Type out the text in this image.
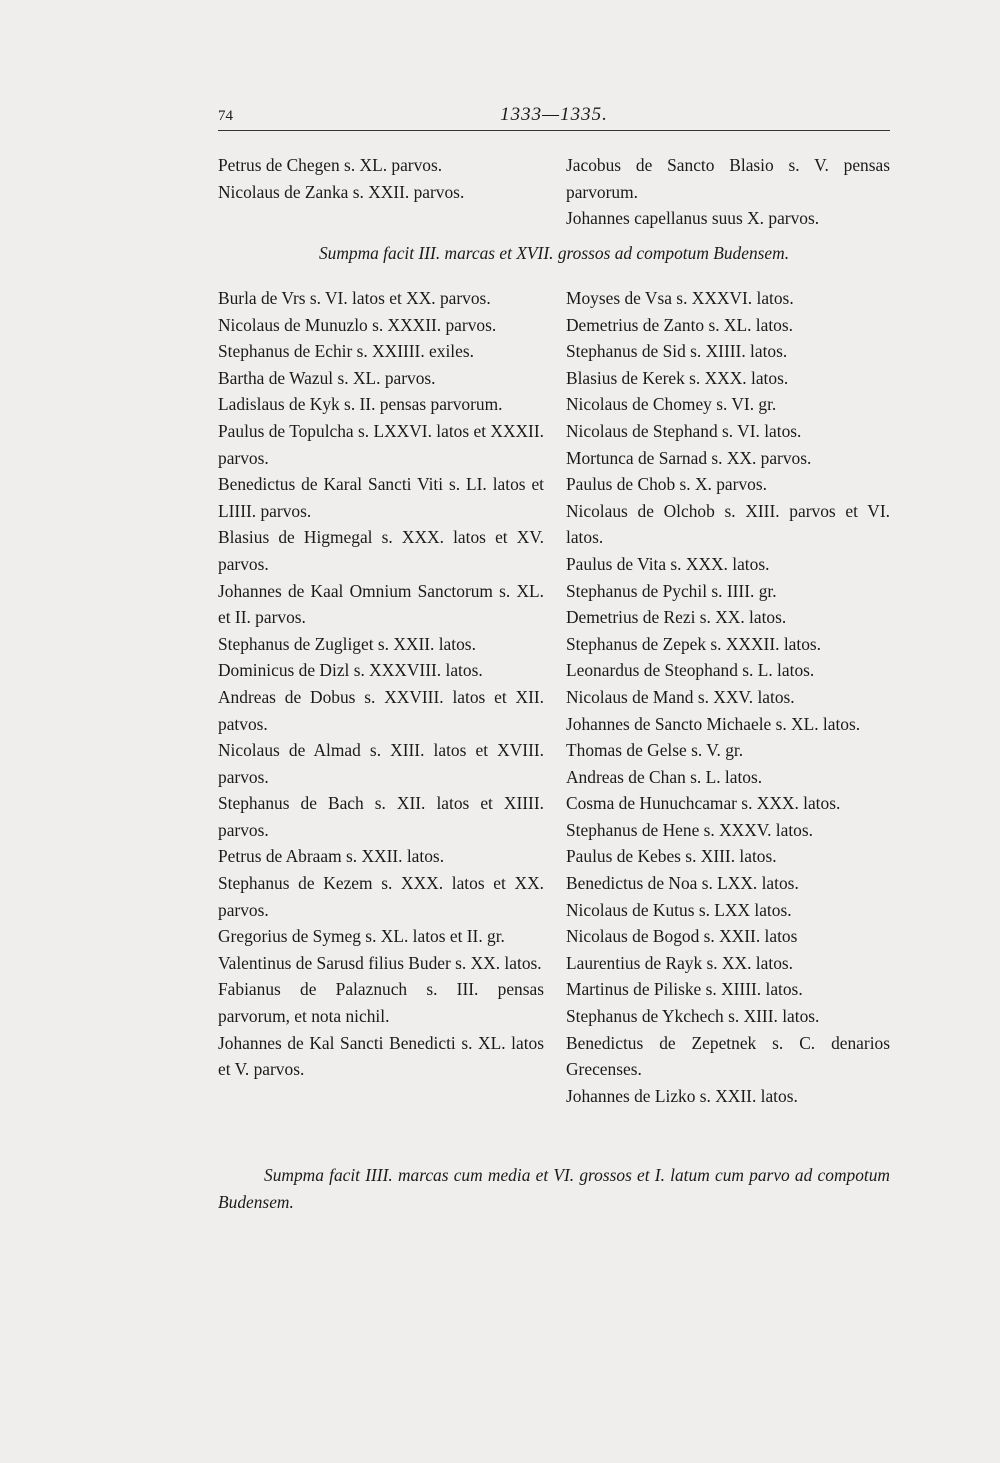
74	1333—1335.
Petrus de Chegen s. XL. parvos.
Nicolaus de Zanka s. XXII. parvos.
Jacobus de Sancto Blasio s. V. pensas parvorum.
Johannes capellanus suus X. parvos.
Sumpma facit III. marcas et XVII. grossos ad compotum Budensem.
Burla de Vrs s. VI. latos et XX. parvos.
Nicolaus de Munuzlo s. XXXII. parvos.
Stephanus de Echir s. XXIIII. exiles.
Bartha de Wazul s. XL. parvos.
Ladislaus de Kyk s. II. pensas parvorum.
Paulus de Topulcha s. LXXVI. latos et XXXII. parvos.
Benedictus de Karal Sancti Viti s. LI. latos et LIIII. parvos.
Blasius de Higmegal s. XXX. latos et XV. parvos.
Johannes de Kaal Omnium Sanctorum s. XL. et II. parvos.
Stephanus de Zugliget s. XXII. latos.
Dominicus de Dizl s. XXXVIII. latos.
Andreas de Dobus s. XXVIII. latos et XII. patvos.
Nicolaus de Almad s. XIII. latos et XVIII. parvos.
Stephanus de Bach s. XII. latos et XIIII. parvos.
Petrus de Abraam s. XXII. latos.
Stephanus de Kezem s. XXX. latos et XX. parvos.
Gregorius de Symeg s. XL. latos et II. gr.
Valentinus de Sarusd filius Buder s. XX. latos.
Fabianus de Palaznuch s. III. pensas parvorum, et nota nichil.
Johannes de Kal Sancti Benedicti s. XL. latos et V. parvos.
Moyses de Vsa s. XXXVI. latos.
Demetrius de Zanto s. XL. latos.
Stephanus de Sid s. XIIII. latos.
Blasius de Kerek s. XXX. latos.
Nicolaus de Chomey s. VI. gr.
Nicolaus de Stephand s. VI. latos.
Mortunca de Sarnad s. XX. parvos.
Paulus de Chob s. X. parvos.
Nicolaus de Olchob s. XIII. parvos et VI. latos.
Paulus de Vita s. XXX. latos.
Stephanus de Pychil s. IIII. gr.
Demetrius de Rezi s. XX. latos.
Stephanus de Zepek s. XXXII. latos.
Leonardus de Steophand s. L. latos.
Nicolaus de Mand s. XXV. latos.
Johannes de Sancto Michaele s. XL. latos.
Thomas de Gelse s. V. gr.
Andreas de Chan s. L. latos.
Cosma de Hunuchcamar s. XXX. latos.
Stephanus de Hene s. XXXV. latos.
Paulus de Kebes s. XIII. latos.
Benedictus de Noa s. LXX. latos.
Nicolaus de Kutus s. LXX latos.
Nicolaus de Bogod s. XXII. latos
Laurentius de Rayk s. XX. latos.
Martinus de Piliske s. XIIII. latos.
Stephanus de Ykchech s. XIII. latos.
Benedictus de Zepetnek s. C. denarios Grecenses.
Johannes de Lizko s. XXII. latos.
Sumpma facit IIII. marcas cum media et VI. grossos et I. latum cum parvo ad compotum Budensem.
